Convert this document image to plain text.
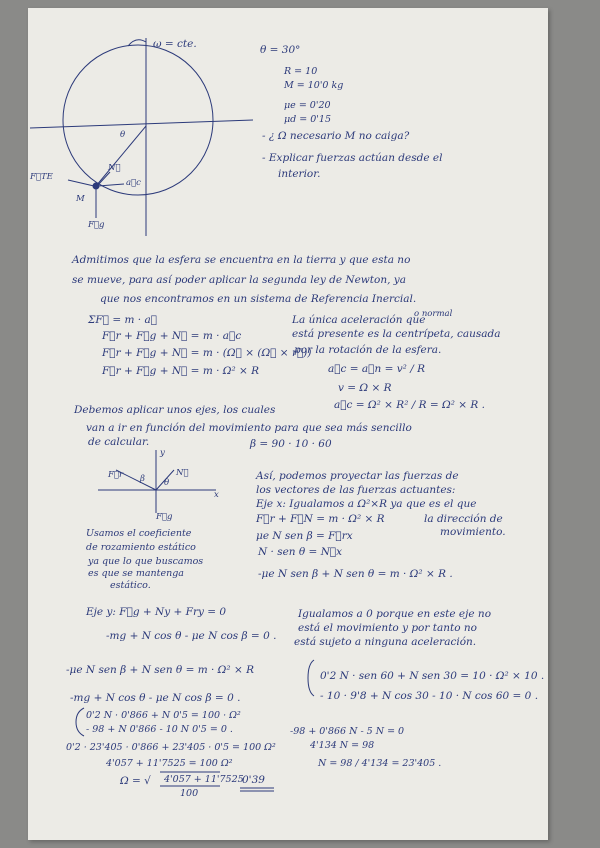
ω = cte.
θ
F⃗TE
N⃗
a⃗c
M
F⃗g
θ = 30°
R = 10
M = 10'0 kg
μe = 0'20
μd = 0'15
- ¿ Ω necesario M no caiga?
- Explicar fuerzas actúan desde el
interior.
Admitimos que la esfera se encuentra en la tierra y que esta no
se mueve, para así poder aplicar la segunda ley de Newton, ya
que nos encontramos en un sistema de Referencia Inercial.
ΣF⃗ = m · a⃗
F⃗r + F⃗g + N⃗ = m · a⃗c
F⃗r + F⃗g + N⃗ = m · (Ω⃗ × (Ω⃗ × r⃗))
F⃗r + F⃗g + N⃗ = m · Ω² × R
o normal
La única aceleración que
está presente es la centrípeta, causada
por la rotación de la esfera.
a⃗c = a⃗n = v² / R
v = Ω × R
a⃗c = Ω² × R² / R = Ω² × R .
Debemos aplicar unos ejes, los cuales
van a ir en función del movimiento para que sea más sencillo
de calcular.	β = 90 · 10 · 60
y
x
F⃗r	N⃗
β θ
F⃗g
Usamos el coeficiente
de rozamiento estático
ya que lo que buscamos
es que se mantenga
estático.
Así, podemos proyectar las fuerzas de
los vectores de las fuerzas actuantes:
Eje x: Igualamos a Ω²×R ya que es el que
F⃗r + F⃗N = m · Ω² × R	la dirección de
movimiento.
μe N sen β = F⃗rx
N · sen θ = N⃗x
-μe N sen β + N sen θ = m · Ω² × R .
Eje y: F⃗g + Ny + Fry = 0	Igualamos a 0 porque en este eje no
está el movimiento y por tanto no
está sujeto a ninguna aceleración.
-mg + N cos θ - μe N cos β = 0 .
-μe N sen β + N sen θ = m · Ω² × R
-mg + N cos θ - μe N cos β = 0 .
0'2 N · sen 60 + N sen 30 = 10 · Ω² × 10 .
- 10 · 9'8 + N cos 30 - 10 · N cos 60 = 0 .
0'2 N · 0'866 + N 0'5 = 100 · Ω²
- 98 + N 0'866 - 10 N 0'5 = 0 .
0'2 · 23'405 · 0'866 + 23'405 · 0'5 = 100 Ω²
4'057 + 11'7525 = 100 Ω²
-98 + 0'866 N - 5 N = 0
4'134 N = 98
N = 98 / 4'134 = 23'405 .
Ω = √ 4'057 + 11'7525
100
0'39
